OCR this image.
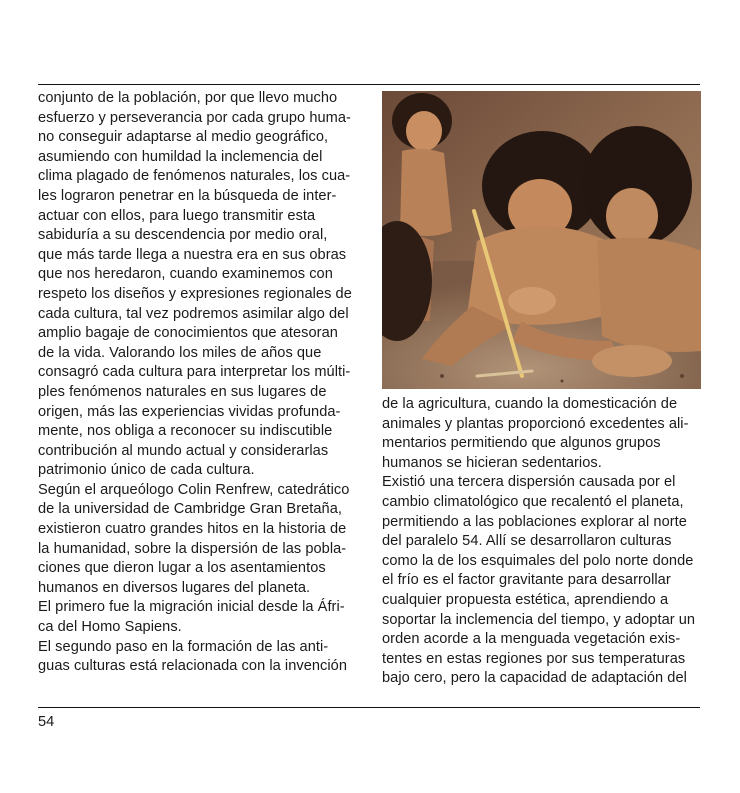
conjunto de la población, por que llevo mucho
esfuerzo y perseverancia por cada grupo huma-
no conseguir adaptarse al medio geográfico,
asumiendo con humildad la inclemencia del
clima plagado de fenómenos naturales, los cua-
les lograron penetrar en la búsqueda de inter-
actuar con ellos, para luego transmitir esta
sabiduría a su descendencia por medio oral,
que más tarde llega a nuestra era en sus obras
que nos heredaron, cuando examinemos con
respeto los diseños y expresiones regionales de
cada cultura, tal vez podremos asimilar algo del
amplio bagaje de conocimientos que atesoran
de la vida. Valorando los miles de años que
consagró cada cultura para interpretar los múlti-
ples fenómenos naturales en sus lugares de
origen, más las experiencias vividas profunda-
mente, nos obliga a reconocer su indiscutible
contribución al mundo actual y considerarlas
patrimonio único de cada cultura.
Según el arqueólogo Colin Renfrew, catedrático
de la universidad de Cambridge Gran Bretaña,
existieron cuatro grandes hitos en la historia de
la humanidad, sobre la dispersión de las pobla-
ciones que dieron lugar a los asentamientos
humanos en diversos lugares del planeta.
El primero fue la migración inicial desde la Áfri-
ca del Homo Sapiens.
El segundo paso en la formación de las anti-
guas culturas está relacionada con la invención
de la agricultura, cuando la domesticación de
animales y plantas proporcionó excedentes ali-
mentarios permitiendo que algunos grupos
humanos se hicieran sedentarios.
Existió una tercera dispersión causada por el
cambio climatológico que recalentó el planeta,
permitiendo a las poblaciones explorar al norte
del paralelo 54. Allí se desarrollaron culturas
como la de los esquimales del polo norte donde
el frío es el factor gravitante para desarrollar
cualquier propuesta estética, aprendiendo a
soportar la inclemencia del tiempo, y adoptar un
orden acorde a la menguada vegetación exis-
tentes en estas regiones por sus temperaturas
bajo cero, pero la capacidad de adaptación del
54
